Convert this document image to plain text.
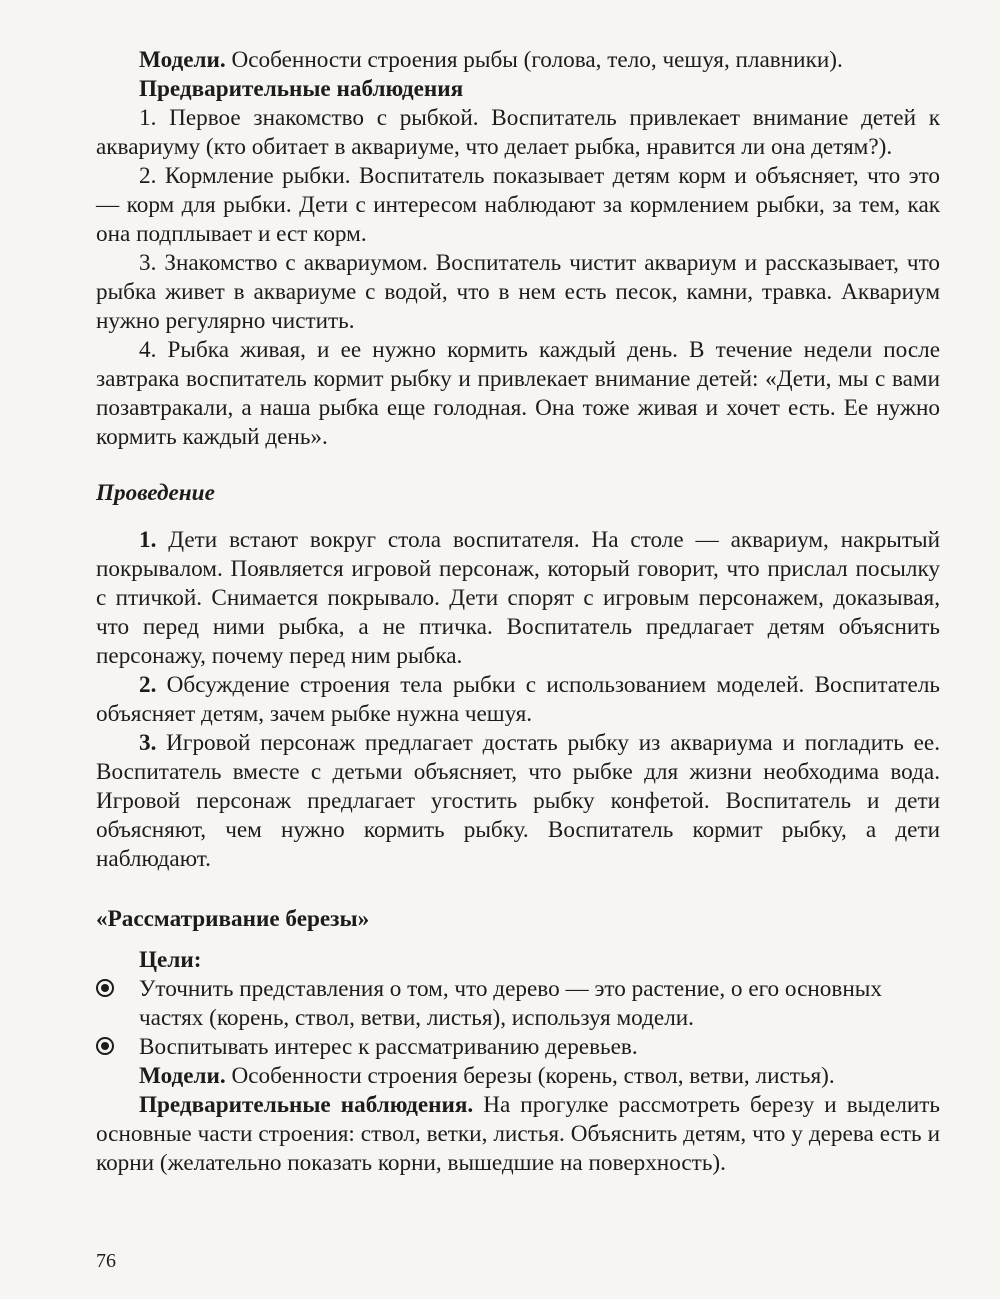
Модели. Особенности строения рыбы (голова, тело, чешуя, плавники).

Предварительные наблюдения

1. Первое знакомство с рыбкой. Воспитатель привлекает внимание детей к аквариуму (кто обитает в аквариуме, что делает рыбка, нравится ли она детям?).

2. Кормление рыбки. Воспитатель показывает детям корм и объясняет, что это — корм для рыбки. Дети с интересом наблюдают за кормлением рыбки, за тем, как она подплывает и ест корм.

3. Знакомство с аквариумом. Воспитатель чистит аквариум и рассказывает, что рыбка живет в аквариуме с водой, что в нем есть песок, камни, травка. Аквариум нужно регулярно чистить.

4. Рыбка живая, и ее нужно кормить каждый день. В течение недели после завтрака воспитатель кормит рыбку и привлекает внимание детей: «Дети, мы с вами позавтракали, а наша рыбка еще голодная. Она тоже живая и хочет есть. Ее нужно кормить каждый день».

Проведение

1. Дети встают вокруг стола воспитателя. На столе — аквариум, накрытый покрывалом. Появляется игровой персонаж, который говорит, что прислал посылку с птичкой. Снимается покрывало. Дети спорят с игровым персонажем, доказывая, что перед ними рыбка, а не птичка. Воспитатель предлагает детям объяснить персонажу, почему перед ним рыбка.

2. Обсуждение строения тела рыбки с использованием моделей. Воспитатель объясняет детям, зачем рыбке нужна чешуя.

3. Игровой персонаж предлагает достать рыбку из аквариума и погладить ее. Воспитатель вместе с детьми объясняет, что рыбке для жизни необходима вода. Игровой персонаж предлагает угостить рыбку конфетой. Воспитатель и дети объясняют, чем нужно кормить рыбку. Воспитатель кормит рыбку, а дети наблюдают.

«Рассматривание березы»

Цели:

Уточнить представления о том, что дерево — это растение, о его основных частях (корень, ствол, ветви, листья), используя модели.

Воспитывать интерес к рассматриванию деревьев.

Модели. Особенности строения березы (корень, ствол, ветви, листья).

Предварительные наблюдения. На прогулке рассмотреть березу и выделить основные части строения: ствол, ветки, листья. Объяснить детям, что у дерева есть и корни (желательно показать корни, вышедшие на поверхность).

76
